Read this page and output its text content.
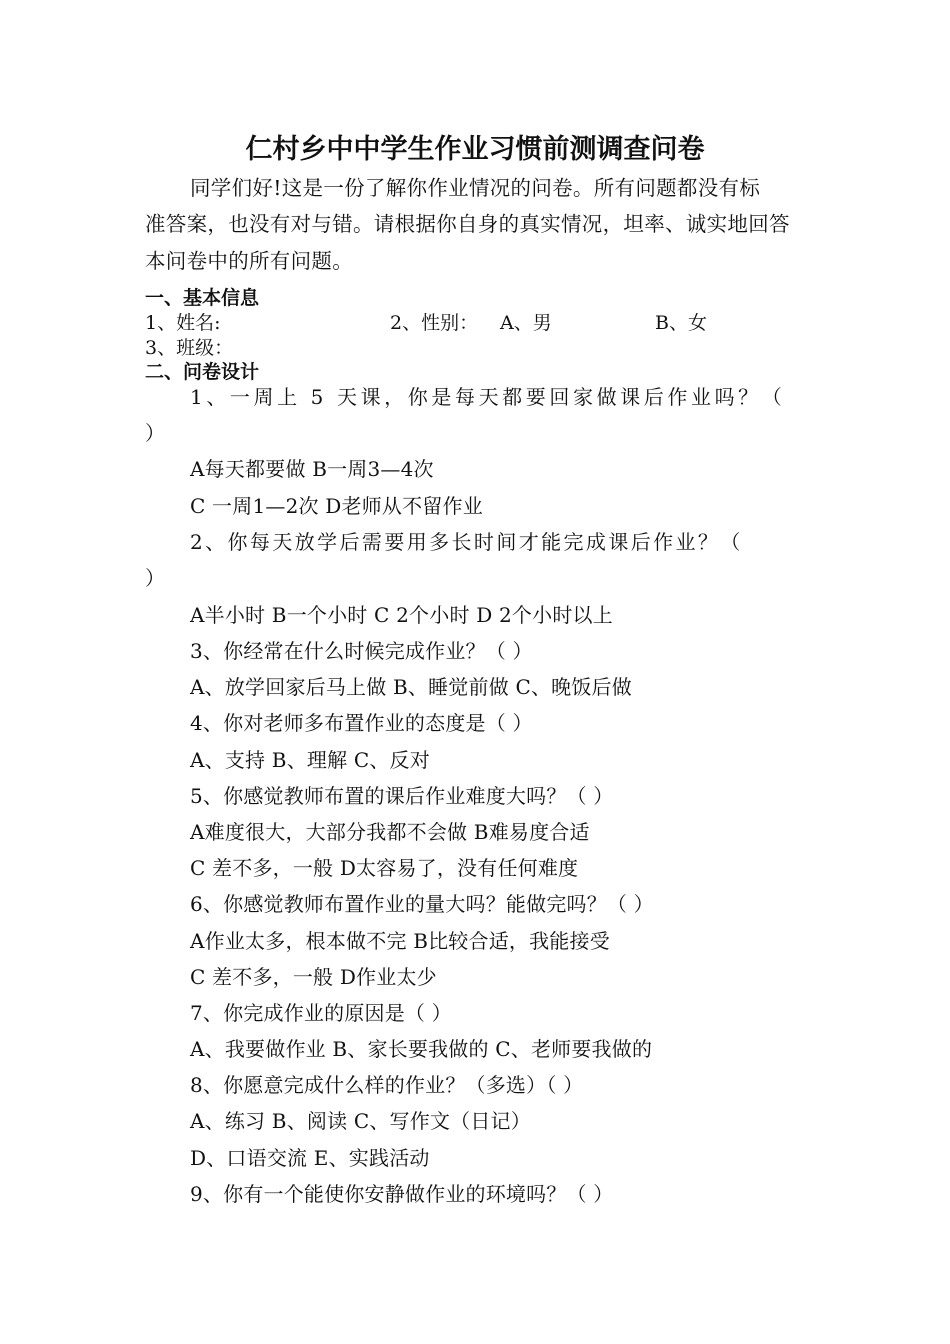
仁村乡中中学生作业习惯前测调查问卷
同学们好!这是一份了解你作业情况的问卷。所有问题都没有标
准答案，也没有对与错。请根据你自身的真实情况，坦率、诚实地回答
本问卷中的所有问题。
一、基本信息
1、姓名:	2、性别： A、男	B、女
3、班级：
二、问卷设计
1、一周上 5 天课，你是每天都要回家做课后作业吗？（
）
A每天都要做 B一周3—4次
C 一周1—2次 D老师从不留作业
2、你每天放学后需要用多长时间才能完成课后作业？（
）
A半小时 B一个小时 C 2个小时 D 2个小时以上
3、你经常在什么时候完成作业？（ ）
A、放学回家后马上做 B、睡觉前做 C、晚饭后做
4、你对老师多布置作业的态度是（ ）
A、支持 B、理解 C、反对
5、你感觉教师布置的课后作业难度大吗？（ ）
A难度很大，大部分我都不会做 B难易度合适
C 差不多，一般 D太容易了，没有任何难度
6、你感觉教师布置作业的量大吗？能做完吗？（ ）
A作业太多，根本做不完 B比较合适，我能接受
C 差不多，一般 D作业太少
7、你完成作业的原因是（ ）
A、我要做作业 B、家长要我做的 C、老师要我做的
8、你愿意完成什么样的作业？（多选）（ ）
A、练习 B、阅读 C、写作文（日记）
D、口语交流 E、实践活动
9、你有一个能使你安静做作业的环境吗？（ ）
